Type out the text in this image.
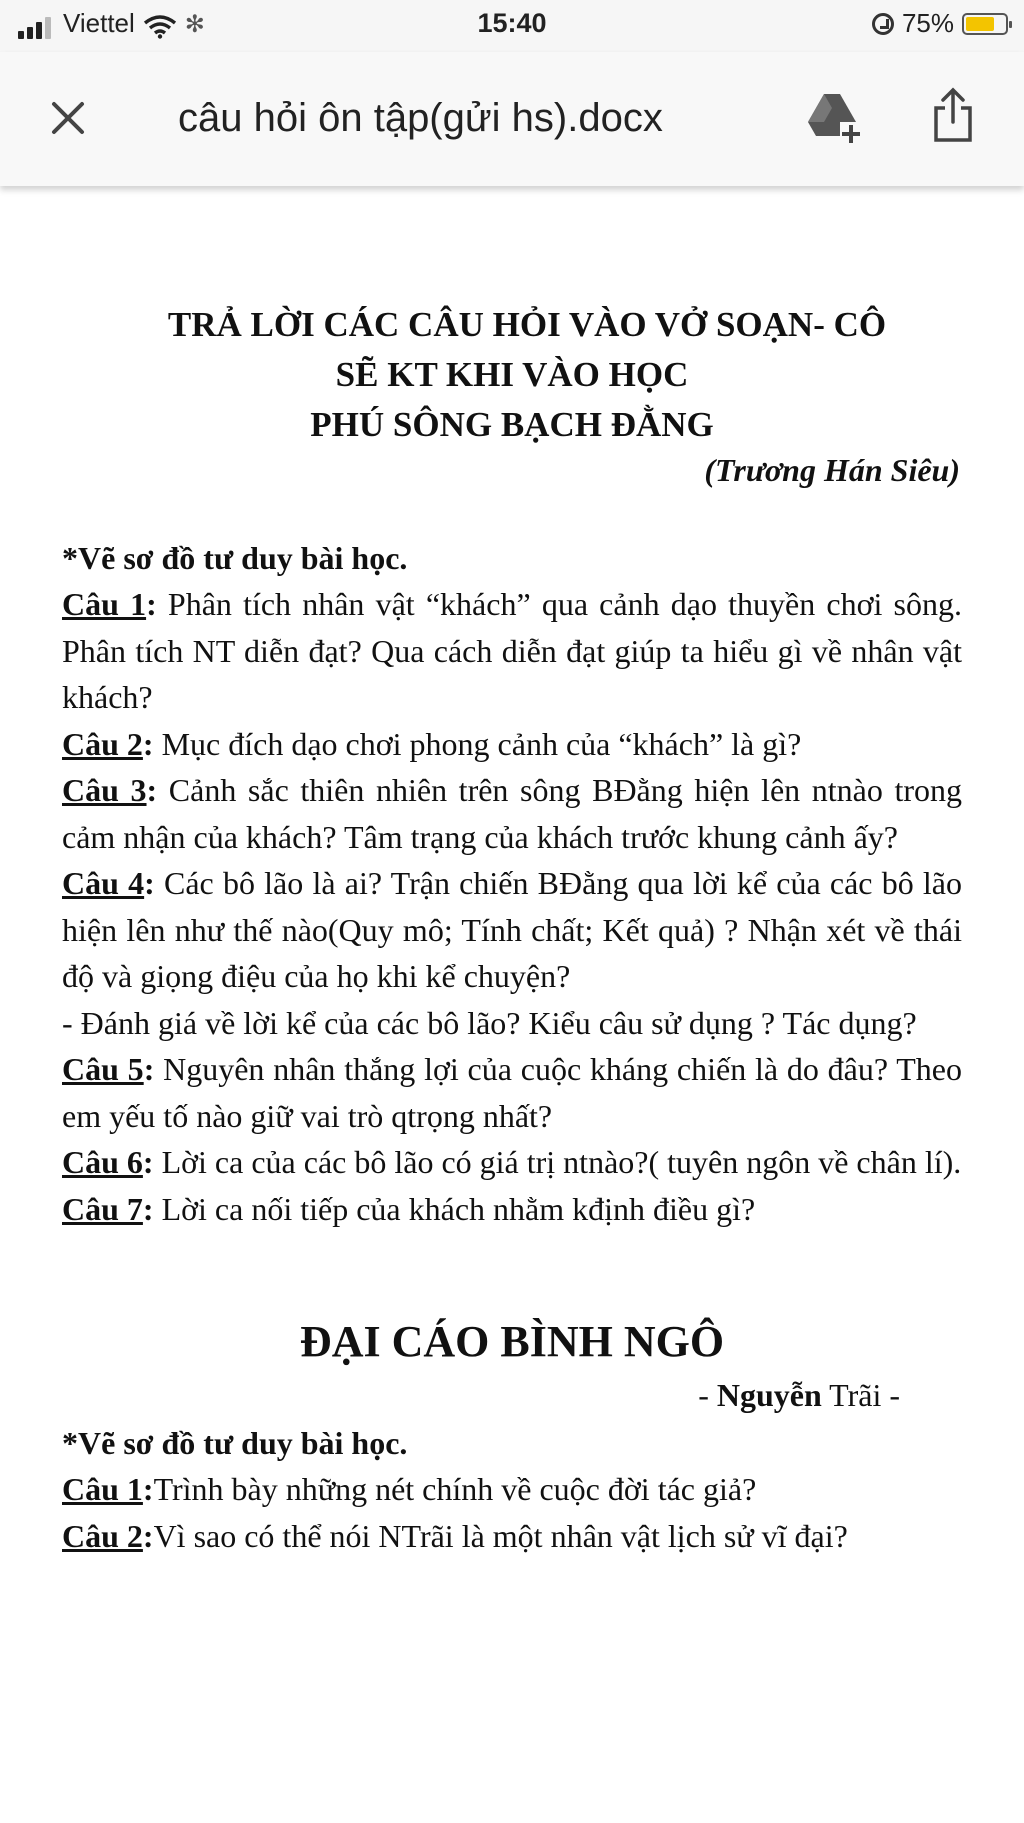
Viettel ✻	15:40	75%
câu hỏi ôn tập(gửi hs).docx
TRẢ LỜI CÁC CÂU HỎI VÀO VỞ SOẠN- CÔ
SẼ KT KHI VÀO HỌC
PHÚ SÔNG BẠCH ĐẰNG
(Trương Hán Siêu)
*Vẽ sơ đồ tư duy bài học.
Câu 1: Phân tích nhân vật “khách” qua cảnh dạo thuyền chơi sông. Phân tích NT diễn đạt? Qua cách diễn đạt giúp ta hiểu gì về nhân vật khách?
Câu 2: Mục đích dạo chơi phong cảnh của “khách” là gì?
Câu 3: Cảnh sắc thiên nhiên trên sông BĐằng hiện lên ntnào trong cảm nhận của khách? Tâm trạng của khách trước khung cảnh ấy?
Câu 4: Các bô lão là ai? Trận chiến BĐằng qua lời kể của các bô lão hiện lên như thế nào(Quy mô; Tính chất; Kết quả) ? Nhận xét về thái độ và giọng điệu của họ khi kể chuyện?
- Đánh giá về lời kể của các bô lão? Kiểu câu sử dụng ? Tác dụng?
Câu 5: Nguyên nhân thắng lợi của cuộc kháng chiến là do đâu? Theo em yếu tố nào giữ vai trò qtrọng nhất?
Câu 6: Lời ca của các bô lão có giá trị ntnào?( tuyên ngôn về chân lí).
Câu 7: Lời ca nối tiếp của khách nhằm kđịnh điều gì?
ĐẠI CÁO BÌNH NGÔ
- Nguyễn Trãi -
*Vẽ sơ đồ tư duy bài học.
Câu 1:Trình bày những nét chính về cuộc đời tác giả?
Câu 2:Vì sao có thể nói NTrãi là một nhân vật lịch sử vĩ đại?
